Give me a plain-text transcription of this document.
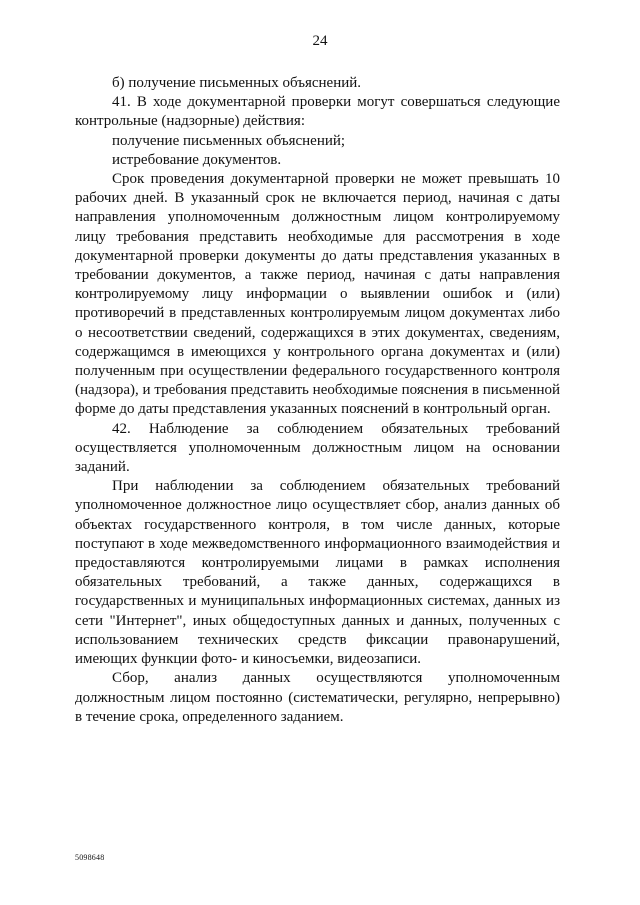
24

б) получение письменных объяснений.

41. В ходе документарной проверки могут совершаться следующие контрольные (надзорные) действия:

получение письменных объяснений;

истребование документов.

Срок проведения документарной проверки не может превышать 10 рабочих дней. В указанный срок не включается период, начиная с даты направления уполномоченным должностным лицом контролируемому лицу требования представить необходимые для рассмотрения в ходе документарной проверки документы до даты представления указанных в требовании документов, а также период, начиная с даты направления контролируемому лицу информации о выявлении ошибок и (или) противоречий в представленных контролируемым лицом документах либо о несоответствии сведений, содержащихся в этих документах, сведениям, содержащимся в имеющихся у контрольного органа документах и (или) полученным при осуществлении федерального государственного контроля (надзора), и требования представить необходимые пояснения в письменной форме до даты представления указанных пояснений в контрольный орган.

42. Наблюдение за соблюдением обязательных требований осуществляется уполномоченным должностным лицом на основании заданий.

При наблюдении за соблюдением обязательных требований уполномоченное должностное лицо осуществляет сбор, анализ данных об объектах государственного контроля, в том числе данных, которые поступают в ходе межведомственного информационного взаимодействия и предоставляются контролируемыми лицами в рамках исполнения обязательных требований, а также данных, содержащихся в государственных и муниципальных информационных системах, данных из сети "Интернет", иных общедоступных данных и данных, полученных с использованием технических средств фиксации правонарушений, имеющих функции фото- и киносъемки, видеозаписи.

Сбор, анализ данных осуществляются уполномоченным должностным лицом постоянно (систематически, регулярно, непрерывно) в течение срока, определенного заданием.

5098648
